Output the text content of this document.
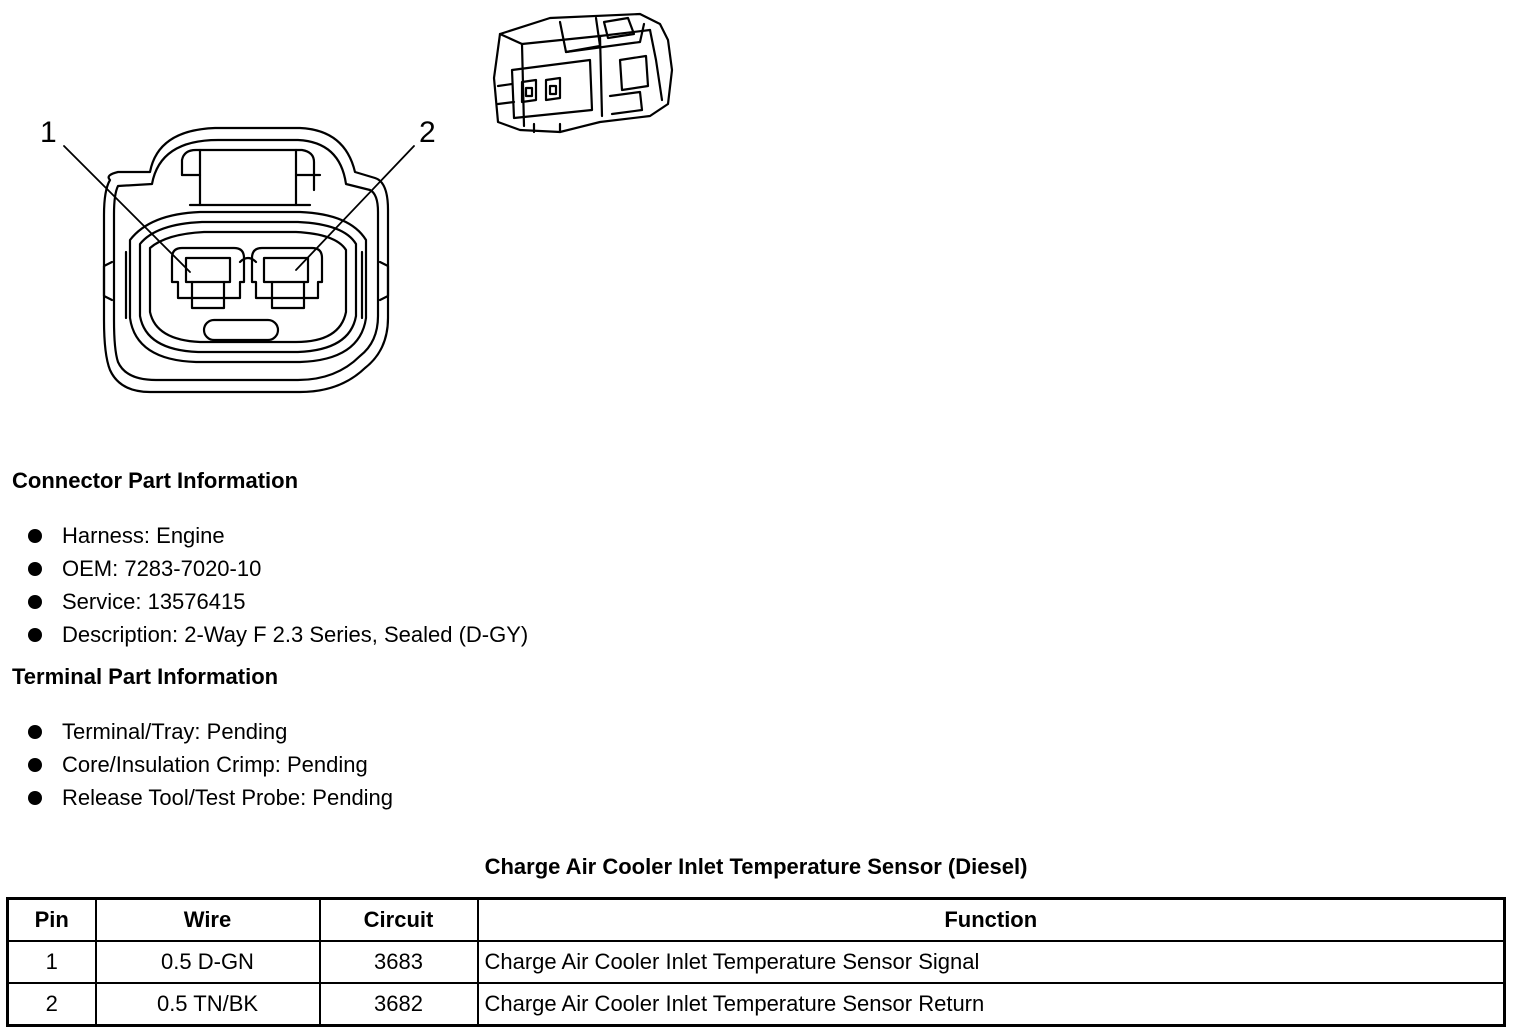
1	2
Connector Part Information
Harness: Engine
OEM: 7283-7020-10
Service: 13576415
Description: 2-Way F 2.3 Series, Sealed (D-GY)
Terminal Part Information
Terminal/Tray: Pending
Core/Insulation Crimp: Pending
Release Tool/Test Probe: Pending
Charge Air Cooler Inlet Temperature Sensor (Diesel)
Pin	Wire	Circuit	Function
1	0.5 D-GN	3683	Charge Air Cooler Inlet Temperature Sensor Signal
2	0.5 TN/BK	3682	Charge Air Cooler Inlet Temperature Sensor Return
